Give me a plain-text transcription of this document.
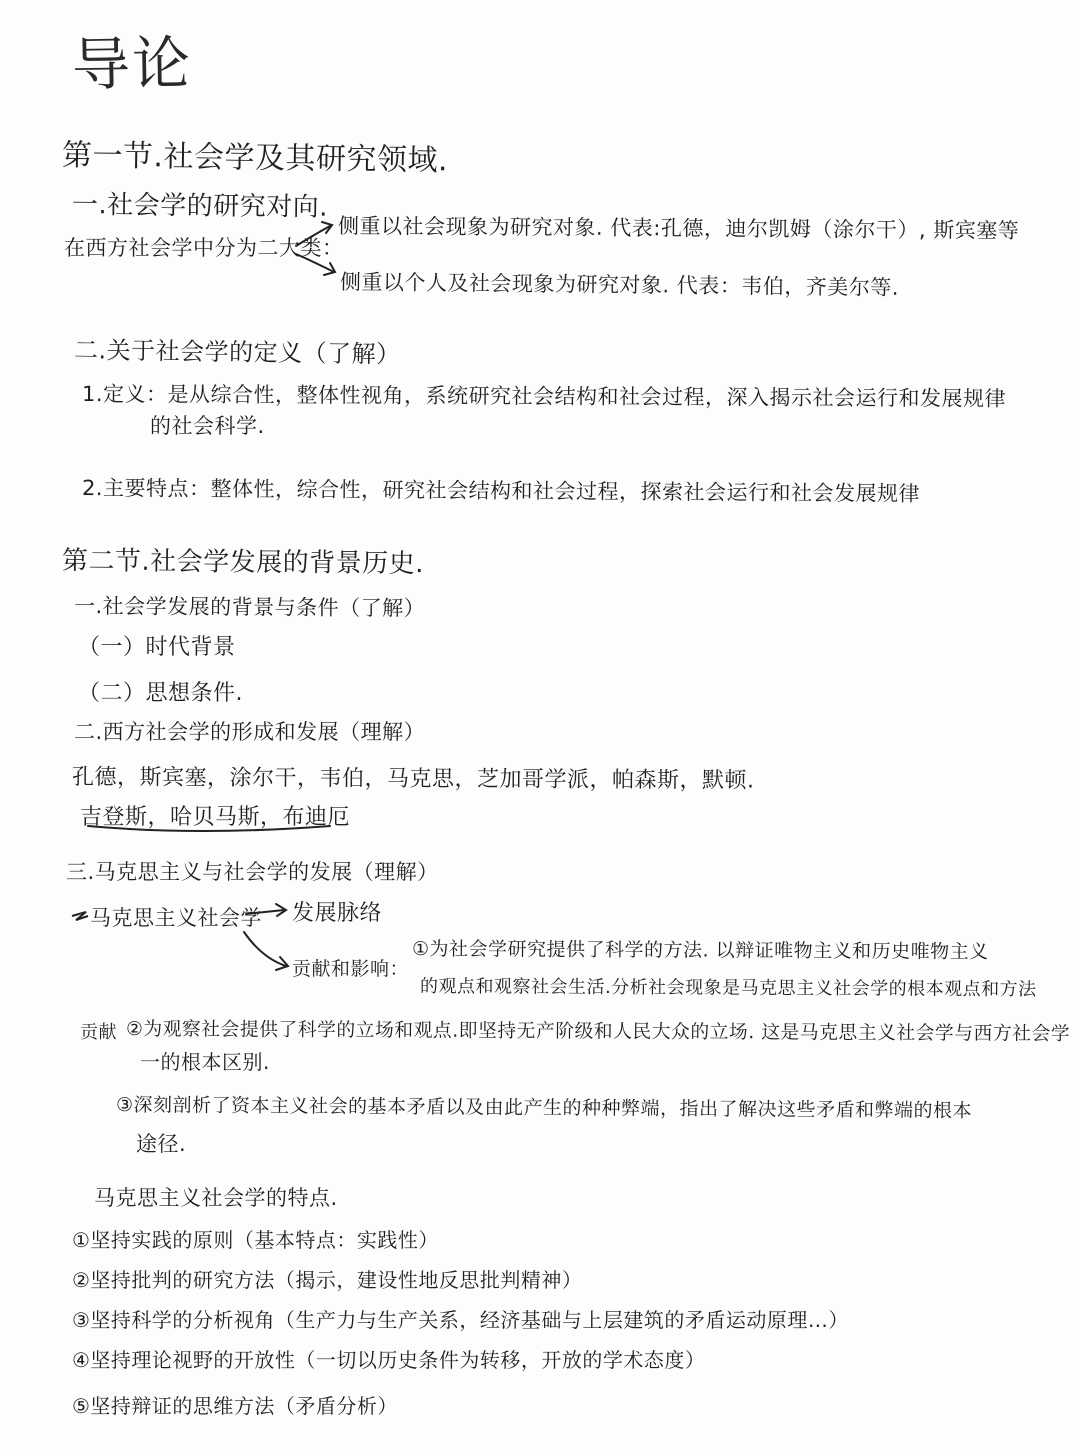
导论
第一节.社会学及其研究领域.
一.社会学的研究对向.
在西方社会学中分为二大类：
侧重以社会现象为研究对象. 代表:孔德，迪尔凯姆（涂尔干）, 斯宾塞等
侧重以个人及社会现象为研究对象. 代表：韦伯，齐美尔等.
二.关于社会学的定义（了解）
1.定义：是从综合性，整体性视角，系统研究社会结构和社会过程，深入揭示社会运行和发展规律
的社会科学.
2.主要特点：整体性，综合性，研究社会结构和社会过程，探索社会运行和社会发展规律
第二节.社会学发展的背景历史.
一.社会学发展的背景与条件（了解）
（一）时代背景
（二）思想条件.
二.西方社会学的形成和发展（理解）
孔德，斯宾塞，涂尔干，韦伯，马克思，芝加哥学派，帕森斯，默顿.
吉登斯，哈贝马斯，布迪厄
三.马克思主义与社会学的发展（理解）
马克思主义社会学 发展脉络
贡献和影响：
①为社会学研究提供了科学的方法. 以辩证唯物主义和历史唯物主义
的观点和观察社会生活.分析社会现象是马克思主义社会学的根本观点和方法
贡献 ②为观察社会提供了科学的立场和观点.即坚持无产阶级和人民大众的立场. 这是马克思主义社会学与西方社会学
一的根本区别.
③深刻剖析了资本主义社会的基本矛盾以及由此产生的种种弊端，指出了解决这些矛盾和弊端的根本
途径.
马克思主义社会学的特点.
①坚持实践的原则（基本特点：实践性）
②坚持批判的研究方法（揭示，建设性地反思批判精神）
③坚持科学的分析视角（生产力与生产关系，经济基础与上层建筑的矛盾运动原理…）
④坚持理论视野的开放性（一切以历史条件为转移，开放的学术态度）
⑤坚持辩证的思维方法（矛盾分析）
